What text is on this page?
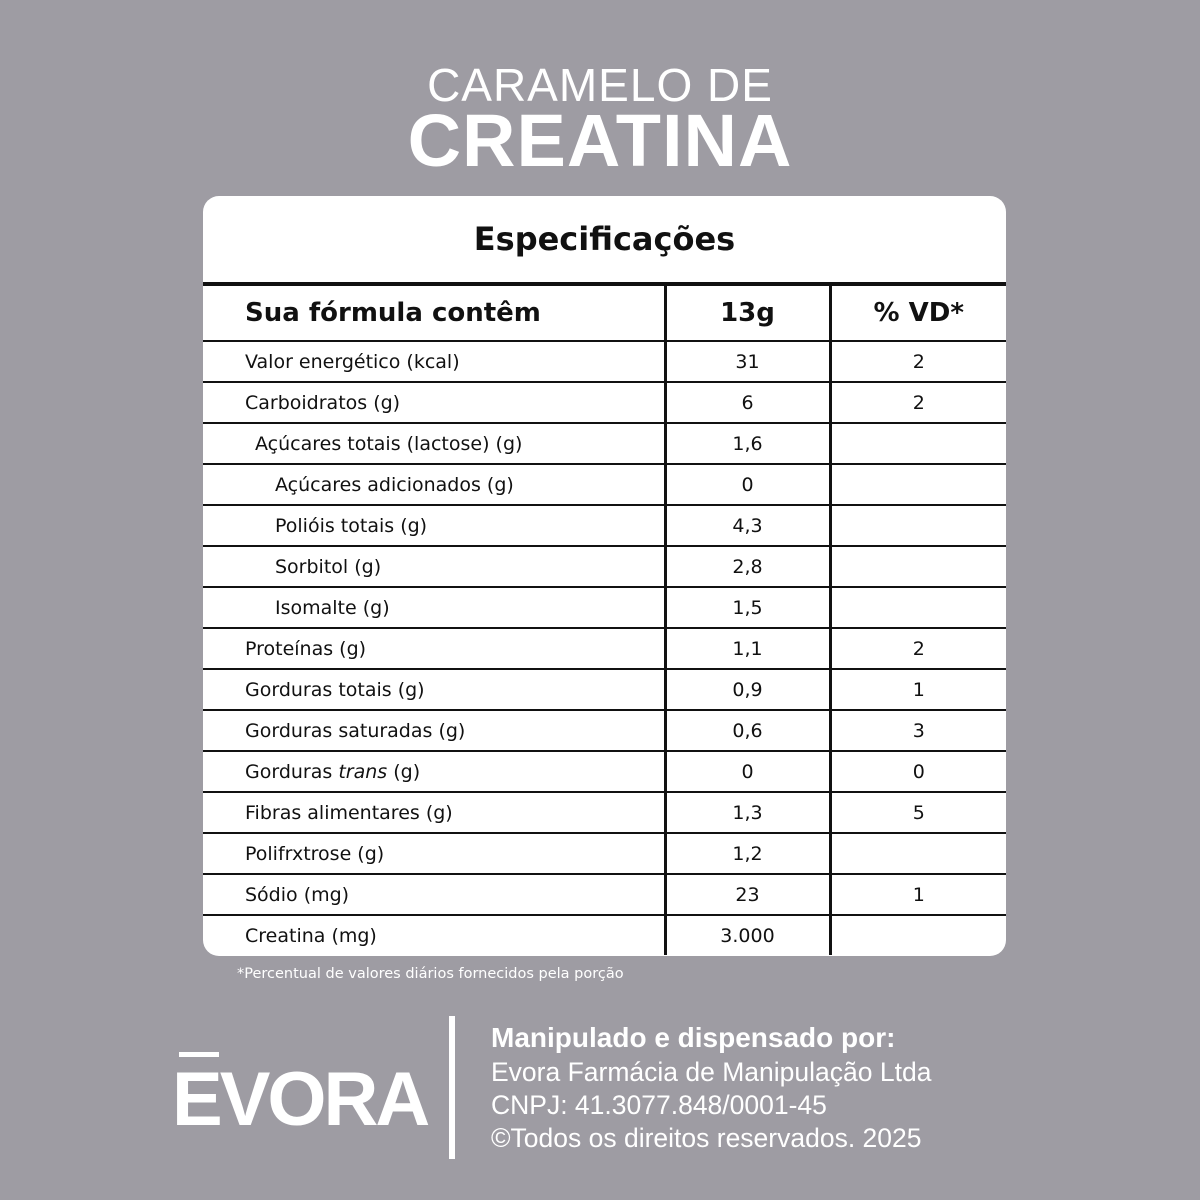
CARAMELO DE
CREATINA
Especificações
Sua fórmula contêm	13g	% VD*
Valor energético (kcal)	31	2
Carboidratos (g)	6	2
Açúcares totais (lactose) (g)	1,6	
Açúcares adicionados (g)	0	
Polióis totais (g)	4,3	
Sorbitol (g)	2,8	
Isomalte (g)	1,5	
Proteínas (g)	1,1	2
Gorduras totais (g)	0,9	1
Gorduras saturadas (g)	0,6	3
Gorduras trans (g)	0	0
Fibras alimentares (g)	1,3	5
Polifrxtrose (g)	1,2	
Sódio (mg)	23	1
Creatina (mg)	3.000	
*Percentual de valores diários fornecidos pela porção
EVORA
Manipulado e dispensado por:
Evora Farmácia de Manipulação Ltda
CNPJ: 41.3077.848/0001-45
©Todos os direitos reservados. 2025
